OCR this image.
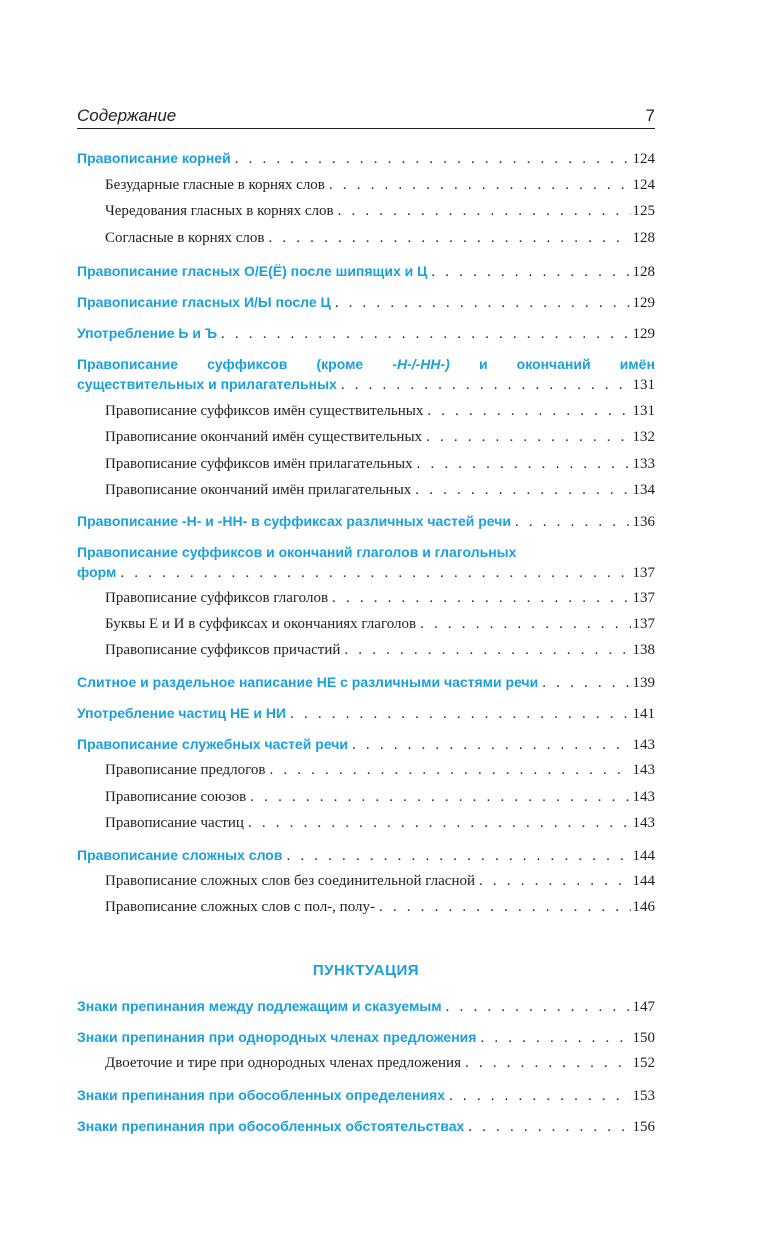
Содержание	7
Правописание корней . . .	124
Безударные гласные в корнях слов . . .	124
Чередования гласных в корнях слов . . .	125
Согласные в корнях слов . . .	128
Правописание гласных О/Е(Ё) после шипящих и Ц . . .	128
Правописание гласных И/Ы после Ц . . .	129
Употребление Ь и Ъ . . .	129
Правописание суффиксов (кроме -Н-/-НН-) и окончаний имён
существительных и прилагательных . . .	131
Правописание суффиксов имён существительных . . .	131
Правописание окончаний имён существительных . . .	132
Правописание суффиксов имён прилагательных . . .	133
Правописание окончаний имён прилагательных . . .	134
Правописание -Н- и -НН- в суффиксах различных частей речи . . .	136
Правописание суффиксов и окончаний глаголов и глагольных
форм . . .	137
Правописание суффиксов глаголов . . .	137
Буквы Е и И в суффиксах и окончаниях глаголов . . .	137
Правописание суффиксов причастий . . .	138
Слитное и раздельное написание НЕ с различными частями речи . . .	139
Употребление частиц НЕ и НИ . . .	141
Правописание служебных частей речи . . .	143
Правописание предлогов . . .	143
Правописание союзов . . .	143
Правописание частиц . . .	143
Правописание сложных слов . . .	144
Правописание сложных слов без соединительной гласной . . .	144
Правописание сложных слов с пол-, полу- . . .	146
ПУНКТУАЦИЯ
Знаки препинания между подлежащим и сказуемым . . .	147
Знаки препинания при однородных членах предложения . . .	150
Двоеточие и тире при однородных членах предложения . . .	152
Знаки препинания при обособленных определениях . . .	153
Знаки препинания при обособленных обстоятельствах . . .	156
